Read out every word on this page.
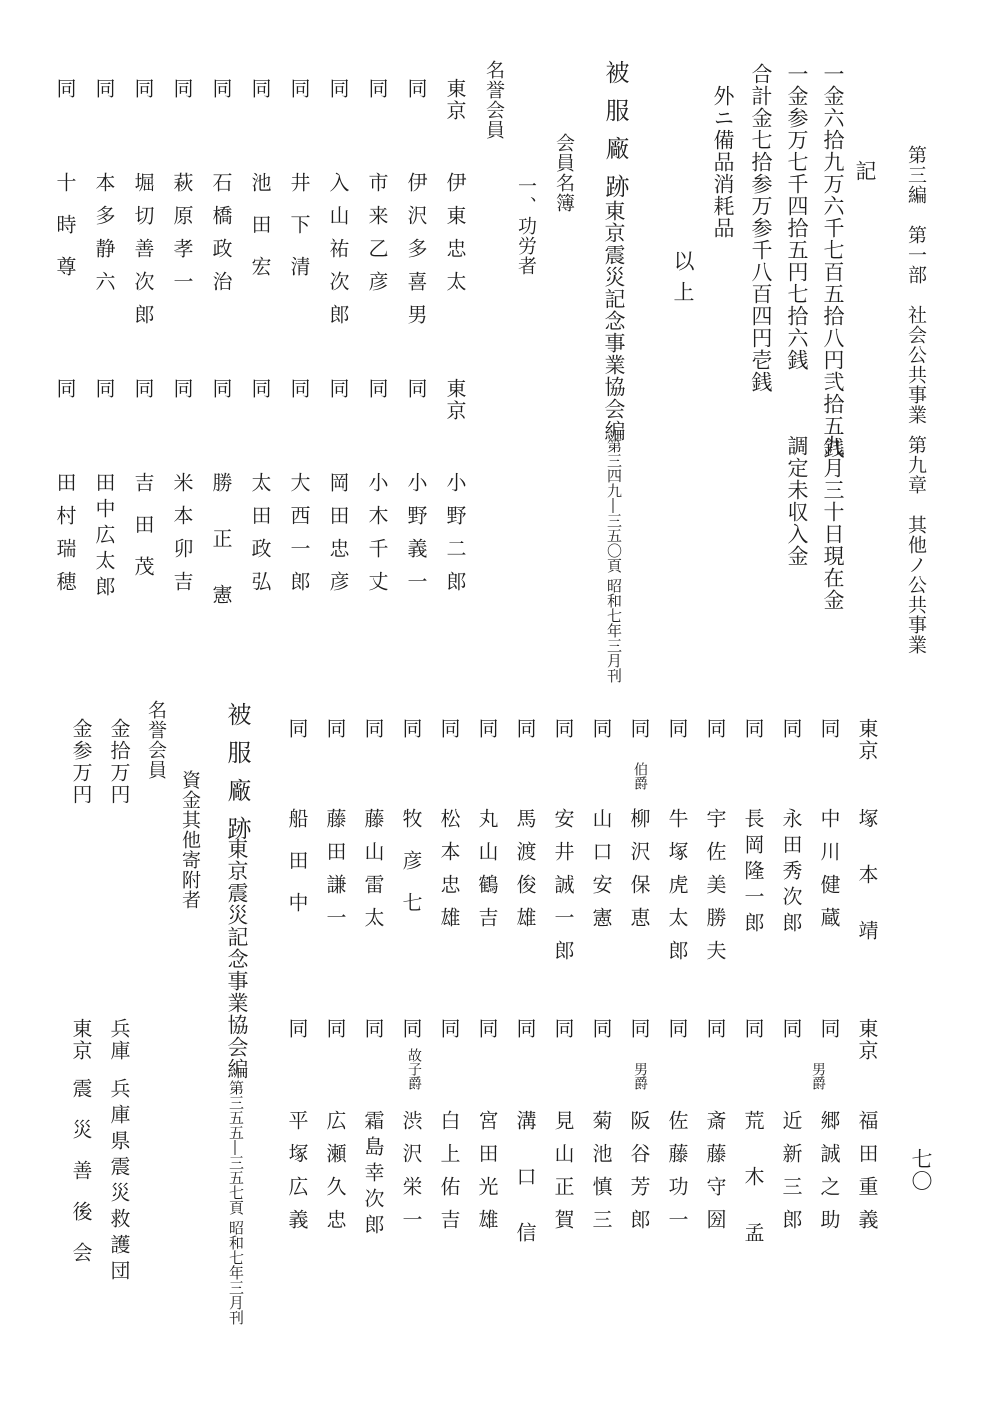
第三編　第一部　社会公共事業
第九章　其他ノ公共事業
七〇
記
一金六拾九万六千七百五拾八円弐拾五銭
九月三十日現在金
一金参万七千四拾五円七拾六銭
調定未収入金
合計金七拾参万参千八百四円壱銭
外ニ備品消耗品
以上
被服廠跡
東京震災記念事業協会編
第三四九―三五〇頁 昭和七年三月刊
会員名簿
一、功労者
名誉会員
東京
伊東忠太
東京
小野二郎
同
伊沢多喜男
同
小野義一
同
市来乙彦
同
小木千丈
同
入山祐次郎
同
岡田忠彦
同
井下清
同
大西一郎
同
池田宏
同
太田政弘
同
石橋政治
同
勝正憲
同
萩原孝一
同
米本卯吉
同
堀切善次郎
同
吉田茂
同
本多静六
同
田中広太郎
同
十時尊
同
田村瑞穂
東京
塚本靖
東京
福田重義
同
中川健蔵
同
男爵
郷誠之助
同
永田秀次郎
同
近新三郎
同
長岡隆一郎
同
荒木孟
同
宇佐美勝夫
同
斎藤守圀
同
牛塚虎太郎
同
佐藤功一
同
伯爵
柳沢保恵
同
男爵
阪谷芳郎
同
山口安憲
同
菊池慎三
同
安井誠一郎
同
見山正賀
同
馬渡俊雄
同
溝口信
同
丸山鶴吉
同
宮田光雄
同
松本忠雄
同
白上佑吉
同
牧彦七
同
故子爵
渋沢栄一
同
藤山雷太
同
霜島幸次郎
同
藤田謙一
同
広瀬久忠
同
船田中
同
平塚広義
被服廠跡
東京震災記念事業協会編
第三五五―三五七頁 昭和七年三月刊
資金其他寄附者
名誉会員
金拾万円
兵庫
兵庫県震災救護団
金参万円
東京
震災善後会
